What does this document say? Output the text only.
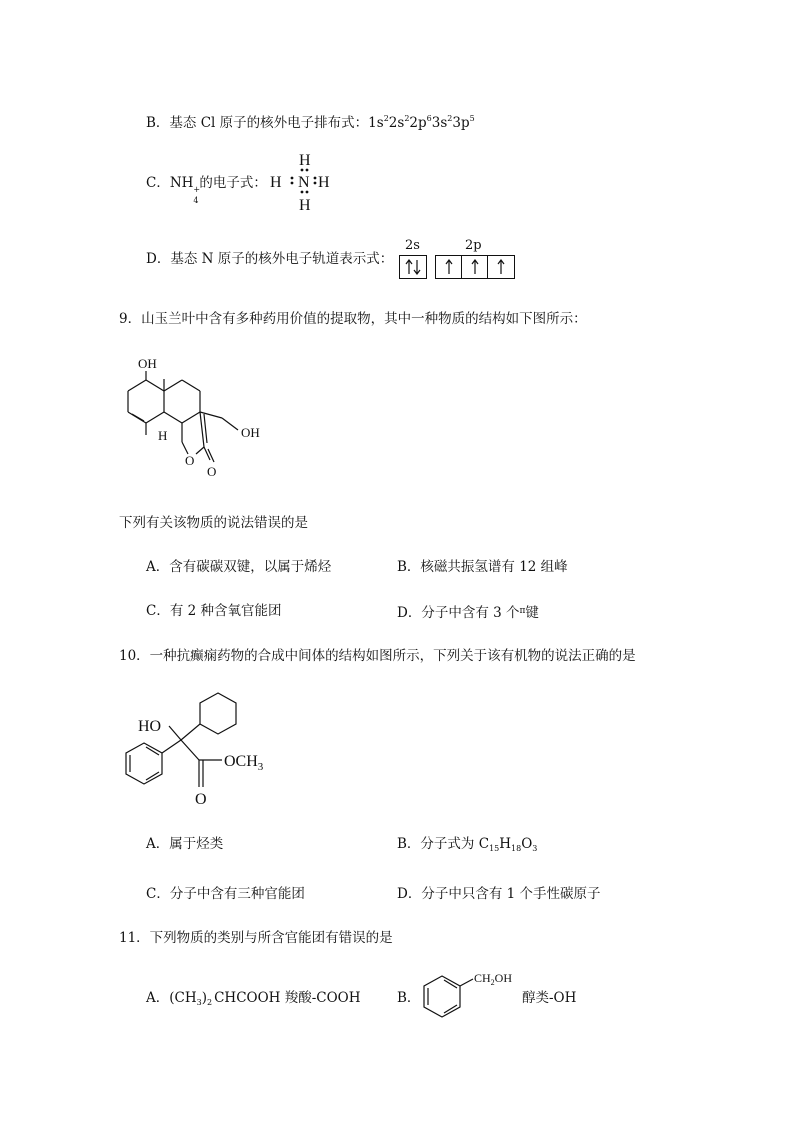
B．基态 Cl 原子的核外电子排布式：$1s^22s^22p^63s^23p^5$
C．NH +
4
的电子式：
H
N
H
H H
D．基态 N 原子的核外电子轨道表示式：
2s	2p
9．山玉兰叶中含有多种药用价值的提取物，其中一种物质的结构如下图所示：
OH
OH
H
O
O
下列有关该物质的说法错误的是
A．含有碳碳双键，以属于烯烃	B．核磁共振氢谱有 12 组峰
C．有 2 种含氧官能团	D．分子中含有 3 个$^\pi$键
10．一种抗癫痫药物的合成中间体的结构如图所示，下列关于该有机物的说法正确的是
HO
$OCH_3$
O
A．属于烃类	B．分子式为 $C_{15}H_{18}O_3$
C．分子中含有三种官能团	D．分子中只含有 1 个手性碳原子
11．下列物质的类别与所含官能团有错误的是
A．$(CH_3)_2$ CHCOOH 羧酸-COOH	B．
$CH_2OH$
醇类-OH
